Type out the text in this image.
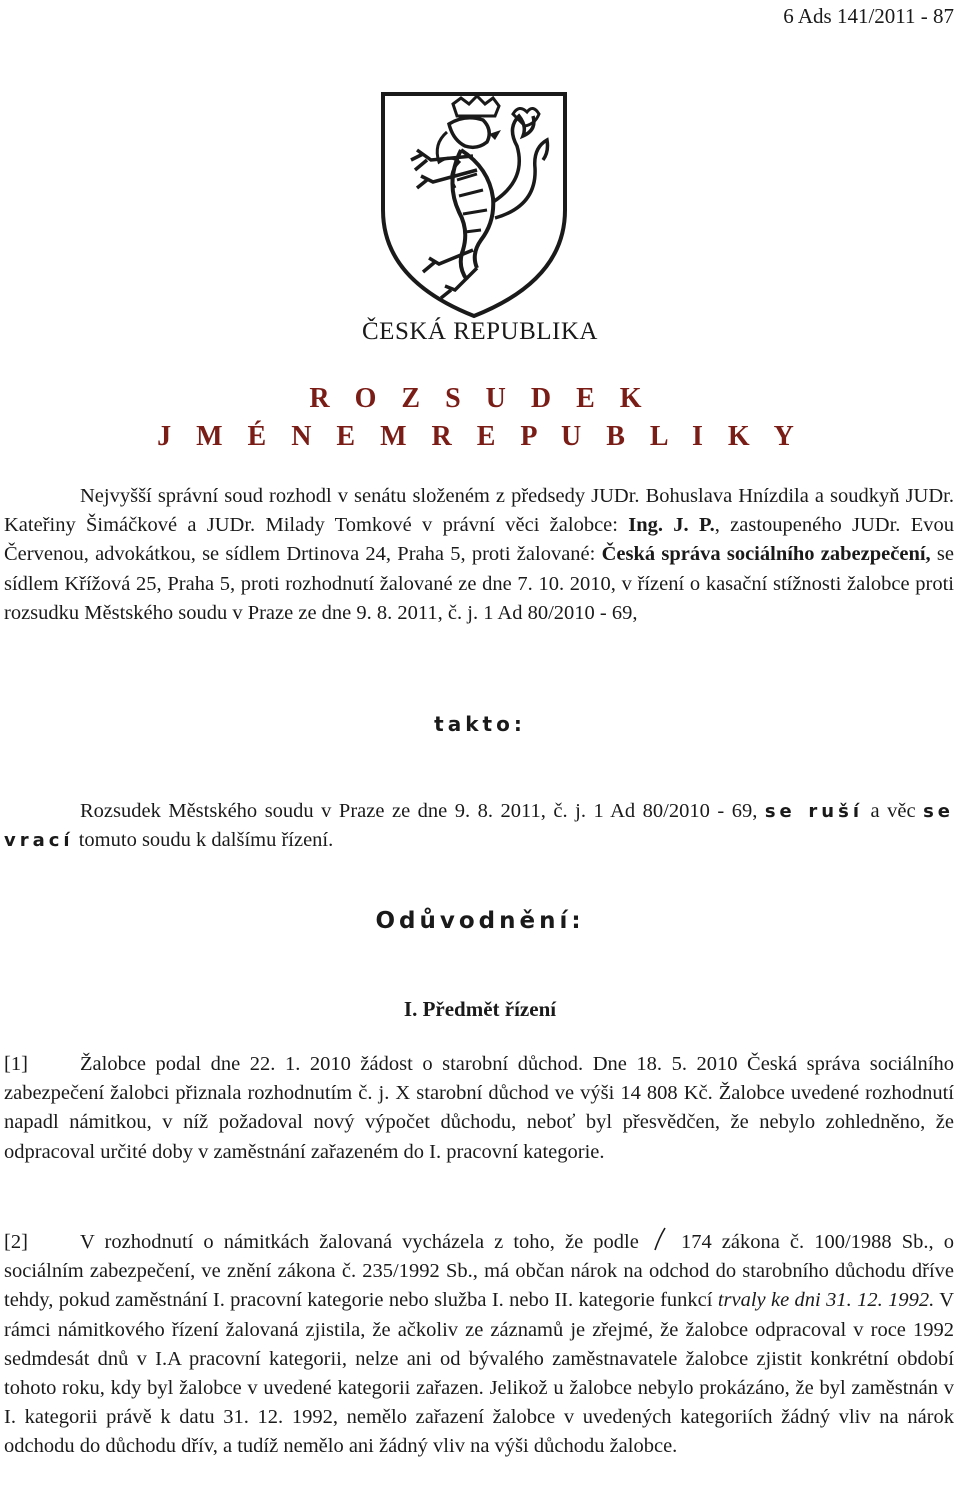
6 Ads 141/2011 - 87
ČESKÁ REPUBLIKA
R O Z S U D E K
J M É N E M R E P U B L I K Y
Nejvyšší správní soud rozhodl v senátu složeném z předsedy JUDr. Bohuslava Hnízdila a soudkyň JUDr. Kateřiny Šimáčkové a JUDr. Milady Tomkové v právní věci žalobce: Ing. J. P., zastoupeného JUDr. Evou Červenou, advokátkou, se sídlem Drtinova 24, Praha 5, proti žalované: Česká správa sociálního zabezpečení, se sídlem Křížová 25, Praha 5, proti rozhodnutí žalované ze dne 7. 10. 2010, v řízení o kasační stížnosti žalobce proti rozsudku Městského soudu v Praze ze dne 9. 8. 2011, č. j. 1 Ad 80/2010 - 69,
takto:
Rozsudek Městského soudu v Praze ze dne 9. 8. 2011, č. j. 1 Ad 80/2010 - 69, se ruší a věc se vrací tomuto soudu k dalšímu řízení.
Odůvodnění:
I. Předmět řízení
[1]	Žalobce podal dne 22. 1. 2010 žádost o starobní důchod. Dne 18. 5. 2010 Česká správa sociálního zabezpečení žalobci přiznala rozhodnutím č. j. X starobní důchod ve výši 14 808 Kč. Žalobce uvedené rozhodnutí napadl námitkou, v níž požadoval nový výpočet důchodu, neboť byl přesvědčen, že nebylo zohledněno, že odpracoval určité doby v zaměstnání zařazeném do I. pracovní kategorie.
[2]	V rozhodnutí o námitkách žalovaná vycházela z toho, že podle  174 zákona č. 100/1988 Sb., o sociálním zabezpečení, ve znění zákona č. 235/1992 Sb., má občan nárok na odchod do starobního důchodu dříve tehdy, pokud zaměstnání I. pracovní kategorie nebo služba I. nebo II. kategorie funkcí trvaly ke dni 31. 12. 1992. V rámci námitkového řízení žalovaná zjistila, že ačkoliv ze záznamů je zřejmé, že žalobce odpracoval v roce 1992 sedmdesát dnů v I.A pracovní kategorii, nelze ani od bývalého zaměstnavatele žalobce zjistit konkrétní období tohoto roku, kdy byl žalobce v uvedené kategorii zařazen. Jelikož u žalobce nebylo prokázáno, že byl zaměstnán v I. kategorii právě k datu 31. 12. 1992, nemělo zařazení žalobce v uvedených kategoriích žádný vliv na nárok odchodu do důchodu dřív, a tudíž nemělo ani žádný vliv na výši důchodu žalobce.
